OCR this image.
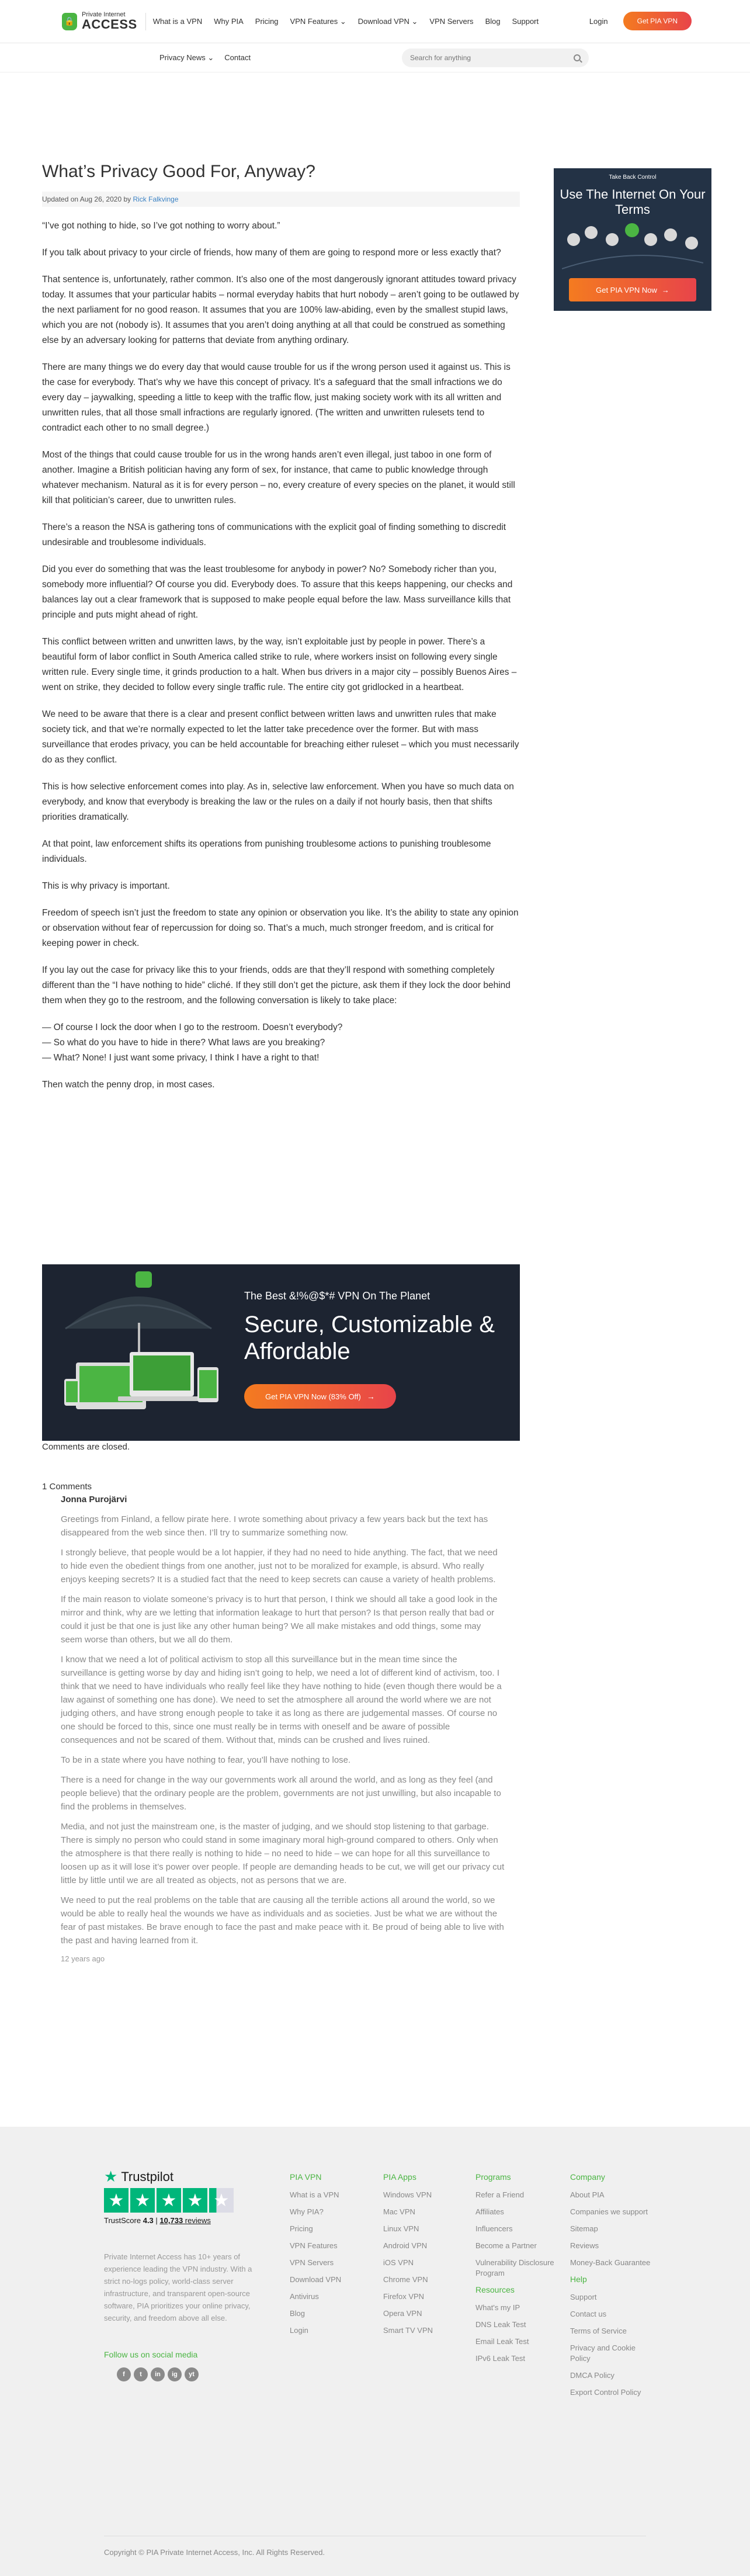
🔒
Private Internet
ACCESS What is a VPN Why PIA Pricing VPN Features ⌄ Download VPN ⌄ VPN Servers Blog Support	Login	Get PIA VPN
Privacy News ⌄ Contact
Search for anything
What’s Privacy Good For, Anyway?
Updated on Aug 26, 2020 by Rick Falkvinge

“I’ve got nothing to hide, so I’ve got nothing to worry about.”

If you talk about privacy to your circle of friends, how many of them are going to respond more or less exactly that?

That sentence is, unfortunately, rather common. It’s also one of the most dangerously ignorant attitudes toward privacy today. It assumes that your particular habits – normal everyday habits that hurt nobody – aren’t going to be outlawed by the next parliament for no good reason. It assumes that you are 100% law-abiding, even by the smallest stupid laws, which you are not (nobody is). It assumes that you aren’t doing anything at all that could be construed as something else by an adversary looking for patterns that deviate from anything ordinary.

There are many things we do every day that would cause trouble for us if the wrong person used it against us. This is the case for everybody. That’s why we have this concept of privacy. It’s a safeguard that the small infractions we do every day – jaywalking, speeding a little to keep with the traffic flow, just making society work with its all written and unwritten rules, that all those small infractions are regularly ignored. (The written and unwritten rulesets tend to contradict each other to no small degree.)

Most of the things that could cause trouble for us in the wrong hands aren’t even illegal, just taboo in one form of another. Imagine a British politician having any form of sex, for instance, that came to public knowledge through whatever mechanism. Natural as it is for every person – no, every creature of every species on the planet, it would still kill that politician’s career, due to unwritten rules.

There’s a reason the NSA is gathering tons of communications with the explicit goal of finding something to discredit undesirable and troublesome individuals.

Did you ever do something that was the least troublesome for anybody in power? No? Somebody richer than you, somebody more influential? Of course you did. Everybody does. To assure that this keeps happening, our checks and balances lay out a clear framework that is supposed to make people equal before the law. Mass surveillance kills that principle and puts might ahead of right.

This conflict between written and unwritten laws, by the way, isn’t exploitable just by people in power. There’s a beautiful form of labor conflict in South America called strike to rule, where workers insist on following every single written rule. Every single time, it grinds production to a halt. When bus drivers in a major city – possibly Buenos Aires – went on strike, they decided to follow every single traffic rule. The entire city got gridlocked in a heartbeat.

We need to be aware that there is a clear and present conflict between written laws and unwritten rules that make society tick, and that we’re normally expected to let the latter take precedence over the former. But with mass surveillance that erodes privacy, you can be held accountable for breaching either ruleset – which you must necessarily do as they conflict.

This is how selective enforcement comes into play. As in, selective law enforcement. When you have so much data on everybody, and know that everybody is breaking the law or the rules on a daily if not hourly basis, then that shifts priorities dramatically.

At that point, law enforcement shifts its operations from punishing troublesome actions to punishing troublesome individuals.

This is why privacy is important.

Freedom of speech isn’t just the freedom to state any opinion or observation you like. It’s the ability to state any opinion or observation without fear of repercussion for doing so. That’s a much, much stronger freedom, and is critical for keeping power in check.

If you lay out the case for privacy like this to your friends, odds are that they’ll respond with something completely different than the “I have nothing to hide” cliché. If they still don’t get the picture, ask them if they lock the door behind them when they go to the restroom, and the following conversation is likely to take place:

— Of course I lock the door when I go to the restroom. Doesn’t everybody?
— So what do you have to hide in there? What laws are you breaking?
— What? None! I just want some privacy, I think I have a right to that!

Then watch the penny drop, in most cases.

The Best &!%@$*# VPN On The Planet
Secure, Customizable & Affordable
Get PIA VPN Now (83% Off) →
Comments are closed.
1 Comments
Jonna Purojärvi

Greetings from Finland, a fellow pirate here. I wrote something about privacy a few years back but the text has disappeared from the web since then. I’ll try to summarize something now.

I strongly believe, that people would be a lot happier, if they had no need to hide anything. The fact, that we need to hide even the obedient things from one another, just not to be moralized for example, is absurd. Who really enjoys keeping secrets? It is a studied fact that the need to keep secrets can cause a variety of health problems.

If the main reason to violate someone’s privacy is to hurt that person, I think we should all take a good look in the mirror and think, why are we letting that information leakage to hurt that person? Is that person really that bad or could it just be that one is just like any other human being? We all make mistakes and odd things, some may seem worse than others, but we all do them.

I know that we need a lot of political activism to stop all this surveillance but in the mean time since the surveillance is getting worse by day and hiding isn’t going to help, we need a lot of different kind of activism, too. I think that we need to have individuals who really feel like they have nothing to hide (even though there would be a law against of something one has done). We need to set the atmosphere all around the world where we are not judging others, and have strong enough people to take it as long as there are judgemental masses. Of course no one should be forced to this, since one must really be in terms with oneself and be aware of possible consequences and not be scared of them. Without that, minds can be crushed and lives ruined.

To be in a state where you have nothing to fear, you’ll have nothing to lose.

There is a need for change in the way our governments work all around the world, and as long as they feel (and people believe) that the ordinary people are the problem, governments are not just unwilling, but also incapable to find the problems in themselves.

Media, and not just the mainstream one, is the master of judging, and we should stop listening to that garbage. There is simply no person who could stand in some imaginary moral high-ground compared to others. Only when the atmosphere is that there really is nothing to hide – no need to hide – we can hope for all this surveillance to loosen up as it will lose it’s power over people. If people are demanding heads to be cut, we will get our privacy cut little by little until we are all treated as objects, not as persons that we are.

We need to put the real problems on the table that are causing all the terrible actions all around the world, so we would be able to really heal the wounds we have as individuals and as societies. Just be what we are without the fear of past mistakes. Be brave enough to face the past and make peace with it. Be proud of being able to live with the past and having learned from it.

12 years ago
Take Back Control
Use The Internet On Your Terms
Get PIA VPN Now →
★ Trustpilot
★ ★ ★ ★ ★
TrustScore 4.3 | 10,733 reviews
Private Internet Access has 10+ years of experience leading the VPN industry. With a strict no-logs policy, world-class server infrastructure, and transparent open-source software, PIA prioritizes your online privacy, security, and freedom above all else.
Follow us on social media
f	t	in	ig	yt
PIA VPN
What is a VPN
Why PIA?
Pricing
VPN Features
VPN Servers
Download VPN
Antivirus
Blog
Login
PIA Apps
Windows VPN
Mac VPN
Linux VPN
Android VPN
iOS VPN
Chrome VPN
Firefox VPN
Opera VPN
Smart TV VPN
Programs
Refer a Friend
Affiliates
Influencers
Become a Partner
Vulnerability Disclosure Program
Resources
What's my IP
DNS Leak Test
Email Leak Test
IPv6 Leak Test
Company
About PIA
Companies we support
Sitemap
Reviews
Money-Back Guarantee
Help
Support
Contact us
Terms of Service
Privacy and Cookie Policy
DMCA Policy
Export Control Policy
Copyright © PIA Private Internet Access, Inc. All Rights Reserved.
